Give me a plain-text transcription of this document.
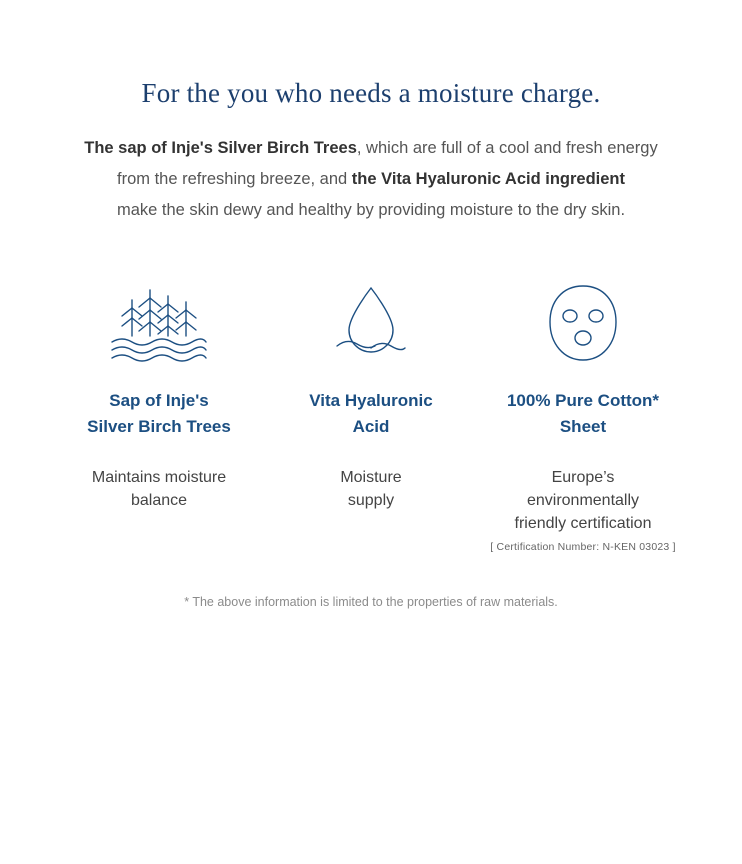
For the you who needs a moisture charge.
The sap of Inje's Silver Birch Trees, which are full of a cool and fresh energy
from the refreshing breeze, and the Vita Hyaluronic Acid ingredient
make the skin dewy and healthy by providing moisture to the dry skin.
Sap of Inje's
Silver Birch Trees
Maintains moisture
balance
Vita Hyaluronic
Acid
Moisture
supply
100% Pure Cotton*
Sheet
Europe’s
environmentally
friendly certification
[ Certification Number: N-KEN 03023 ]
* The above information is limited to the properties of raw materials.
